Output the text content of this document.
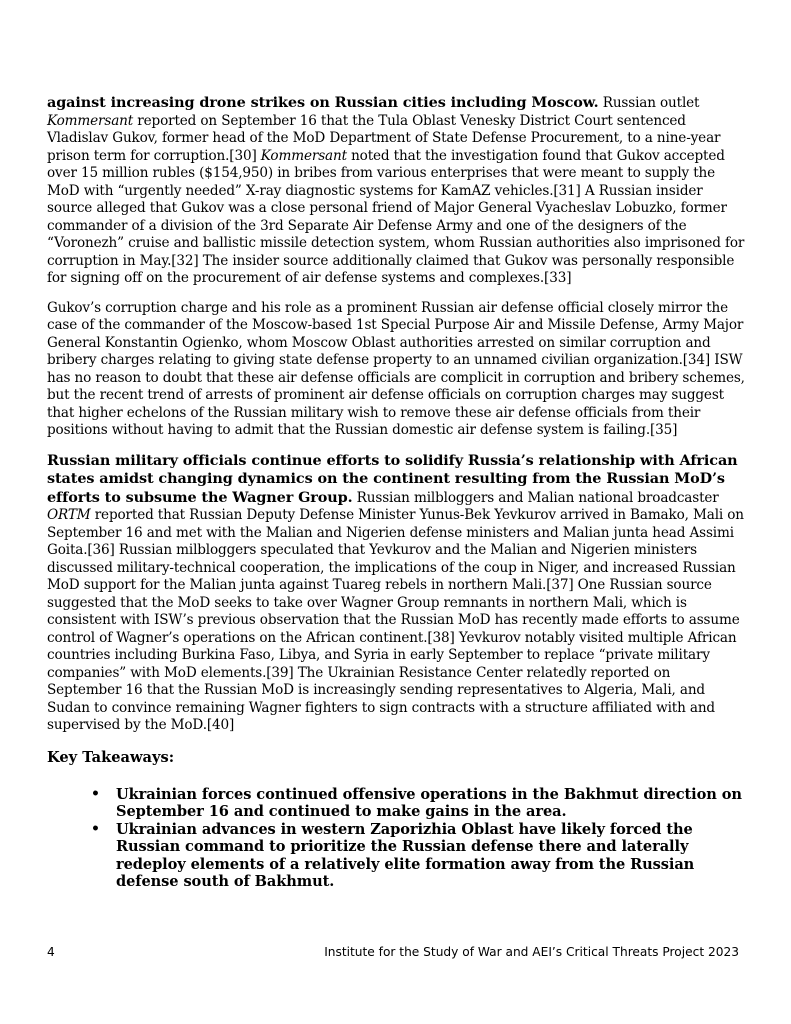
against increasing drone strikes on Russian cities including Moscow. Russian outlet Kommersant reported on September 16 that the Tula Oblast Venesky District Court sentenced Vladislav Gukov, former head of the MoD Department of State Defense Procurement, to a nine-year prison term for corruption.[30] Kommersant noted that the investigation found that Gukov accepted over 15 million rubles ($154,950) in bribes from various enterprises that were meant to supply the MoD with “urgently needed” X-ray diagnostic systems for KamAZ vehicles.[31] A Russian insider source alleged that Gukov was a close personal friend of Major General Vyacheslav Lobuzko, former commander of a division of the 3rd Separate Air Defense Army and one of the designers of the “Voronezh” cruise and ballistic missile detection system, whom Russian authorities also imprisoned for corruption in May.[32] The insider source additionally claimed that Gukov was personally responsible for signing off on the procurement of air defense systems and complexes.[33]

Gukov’s corruption charge and his role as a prominent Russian air defense official closely mirror the case of the commander of the Moscow-based 1st Special Purpose Air and Missile Defense, Army Major General Konstantin Ogienko, whom Moscow Oblast authorities arrested on similar corruption and bribery charges relating to giving state defense property to an unnamed civilian organization.[34] ISW has no reason to doubt that these air defense officials are complicit in corruption and bribery schemes, but the recent trend of arrests of prominent air defense officials on corruption charges may suggest that higher echelons of the Russian military wish to remove these air defense officials from their positions without having to admit that the Russian domestic air defense system is failing.[35]

Russian military officials continue efforts to solidify Russia’s relationship with African states amidst changing dynamics on the continent resulting from the Russian MoD’s efforts to subsume the Wagner Group. Russian milbloggers and Malian national broadcaster ORTM reported that Russian Deputy Defense Minister Yunus-Bek Yevkurov arrived in Bamako, Mali on September 16 and met with the Malian and Nigerien defense ministers and Malian junta head Assimi Goita.[36] Russian milbloggers speculated that Yevkurov and the Malian and Nigerien ministers discussed military-technical cooperation, the implications of the coup in Niger, and increased Russian MoD support for the Malian junta against Tuareg rebels in northern Mali.[37] One Russian source suggested that the MoD seeks to take over Wagner Group remnants in northern Mali, which is consistent with ISW’s previous observation that the Russian MoD has recently made efforts to assume control of Wagner’s operations on the African continent.[38] Yevkurov notably visited multiple African countries including Burkina Faso, Libya, and Syria in early September to replace “private military companies” with MoD elements.[39] The Ukrainian Resistance Center relatedly reported on September 16 that the Russian MoD is increasingly sending representatives to Algeria, Mali, and Sudan to convince remaining Wagner fighters to sign contracts with a structure affiliated with and supervised by the MoD.[40]

Key Takeaways:

• Ukrainian forces continued offensive operations in the Bakhmut direction on September 16 and continued to make gains in the area.
• Ukrainian advances in western Zaporizhia Oblast have likely forced the Russian command to prioritize the Russian defense there and laterally redeploy elements of a relatively elite formation away from the Russian defense south of Bakhmut.
4	Institute for the Study of War and AEI’s Critical Threats Project 2023
